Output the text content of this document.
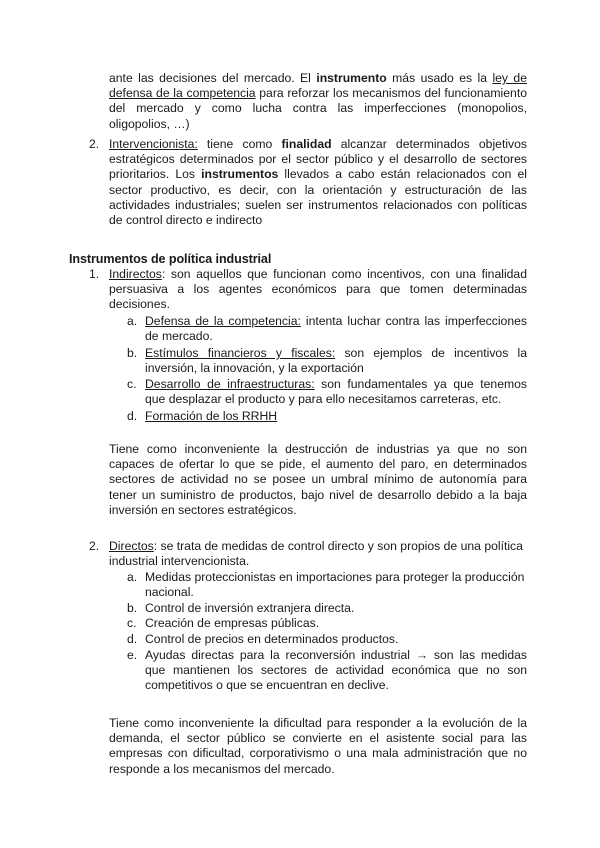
ante las decisiones del mercado. El instrumento más usado es la ley de defensa de la competencia para reforzar los mecanismos del funcionamiento del mercado y como lucha contra las imperfecciones (monopolios, oligopolios, …)
2. Intervencionista: tiene como finalidad alcanzar determinados objetivos estratégicos determinados por el sector público y el desarrollo de sectores prioritarios. Los instrumentos llevados a cabo están relacionados con el sector productivo, es decir, con la orientación y estructuración de las actividades industriales; suelen ser instrumentos relacionados con políticas de control directo e indirecto
Instrumentos de política industrial
1. Indirectos: son aquellos que funcionan como incentivos, con una finalidad persuasiva a los agentes económicos para que tomen determinadas decisiones.
a. Defensa de la competencia: intenta luchar contra las imperfecciones de mercado.
b. Estímulos financieros y fiscales: son ejemplos de incentivos la inversión, la innovación, y la exportación
c. Desarrollo de infraestructuras: son fundamentales ya que tenemos que desplazar el producto y para ello necesitamos carreteras, etc.
d. Formación de los RRHH
Tiene como inconveniente la destrucción de industrias ya que no son capaces de ofertar lo que se pide, el aumento del paro, en determinados sectores de actividad no se posee un umbral mínimo de autonomía para tener un suministro de productos, bajo nivel de desarrollo debido a la baja inversión en sectores estratégicos.
2. Directos: se trata de medidas de control directo y son propios de una política industrial intervencionista.
a. Medidas proteccionistas en importaciones para proteger la producción nacional.
b. Control de inversión extranjera directa.
c. Creación de empresas públicas.
d. Control de precios en determinados productos.
e. Ayudas directas para la reconversión industrial → son las medidas que mantienen los sectores de actividad económica que no son competitivos o que se encuentran en declive.
Tiene como inconveniente la dificultad para responder a la evolución de la demanda, el sector público se convierte en el asistente social para las empresas con dificultad, corporativismo o una mala administración que no responde a los mecanismos del mercado.
